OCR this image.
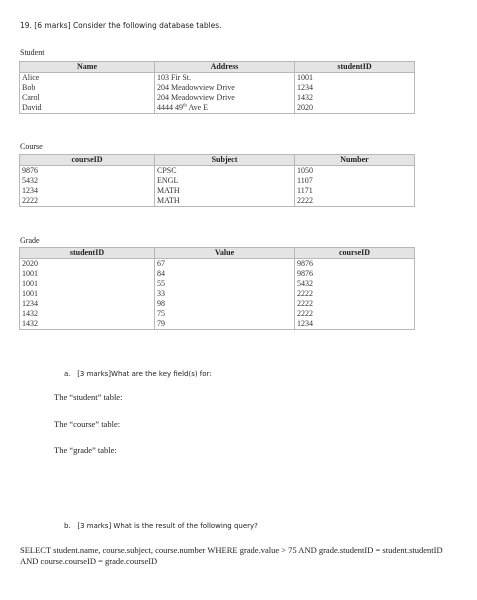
19. [6 marks] Consider the following database tables.
Student
Name	Address	studentID
Alice	103 Fir St.	1001
Bob	204 Meadowview Drive	1234
Carol	204 Meadowview Drive	1432
David	4444 49th Ave E	2020
Course
courseID	Subject	Number
9876	CPSC	1050
5432	ENGL	1107
1234	MATH	1171
2222	MATH	2222
Grade
studentID	Value	courseID
2020	67	9876
1001	84	9876
1001	55	5432
1001	33	2222
1234	98	2222
1432	75	2222
1432	79	1234
a.   [3 marks]What are the key field(s) for:
The “student” table:
The “course” table:
The “grade” table:
b.   [3 marks] What is the result of the following query?
SELECT student.name, course.subject, course.number WHERE grade.value > 75 AND grade.studentID = student.studentID AND course.courseID = grade.courseID
